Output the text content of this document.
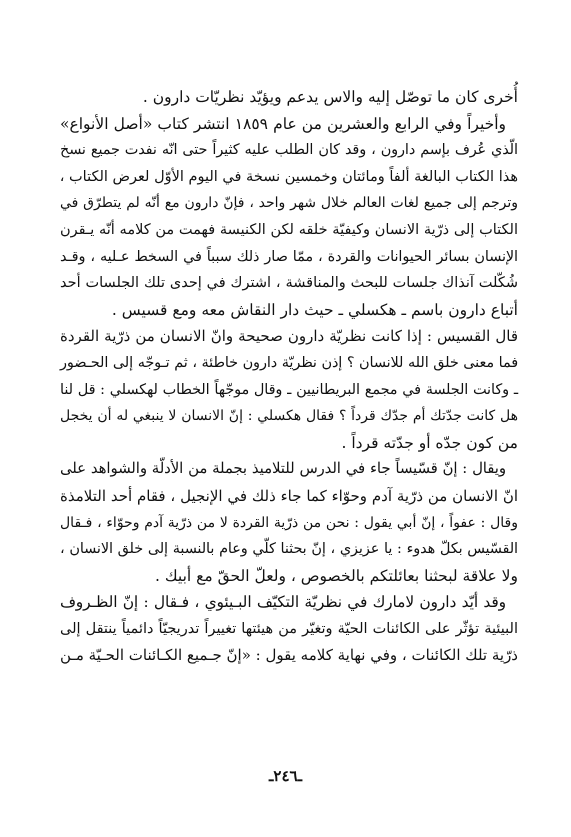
أُخرى كان ما توصّل إليه والاس يدعم ويؤيّد نظريّات دارون .
وأخيراً وفي الرابع والعشرين من عام ١٨٥٩ انتشر كتاب «أصل الأنواع»
الّذي عُرف بإسم دارون ، وقد كان الطلب عليه كثيراً حتى انّه نفدت جميع نسخ
هذا الكتاب البالغة ألفاً ومائتان وخمسين نسخة في اليوم الأوّل لعرض الكتاب ،
وترجم إلى جميع لغات العالم خلال شهر واحد ، فإنّ دارون مع أنّه لم يتطرّق في
الكتاب إلى ذرّية الانسان وكيفيّة خلقه لكن الكنيسة فهمت من كلامه أنّه يـقرن
الإنسان بسائر الحيوانات والقردة ، ممّا صار ذلك سبباً في السخط عـليه ، وقـد
شُكّلت آنذاك جلسات للبحث والمناقشة ، اشترك في إحدى تلك الجلسات أحد
أتباع دارون باسم ـ هكسلي ـ حيث دار النقاش معه ومع قسيس .
قال القسيس : إذا كانت نظريّة دارون صحيحة وانّ الانسان من ذرّية القردة
فما معنى خلق الله للانسان ؟ إذن نظريّة دارون خاطئة ، ثم تـوجّه إلى الحـضور
ـ وكانت الجلسة في مجمع البريطانيين ـ وقال موجّهاً الخطاب لهكسلي : قل لنا
هل كانت جدّتك أم جدّك قرداً ؟ فقال هكسلي : إنّ الانسان لا ينبغي له أن يخجل
من كون جدّه أو جدّته قرداً .
ويقال : إنّ قسّيساً جاء في الدرس للتلاميذ بجملة من الأدلّة والشواهد على
انّ الانسان من ذرّية آدم وحوّاء كما جاء ذلك في الإنجيل ، فقام أحد التلامذة
وقال : عفواً ، إنّ أبي يقول : نحن من ذرّية القردة لا من ذرّية آدم وحوّاء ، فـقال
القسّيس بكلّ هدوء : يا عزيزي ، إنّ بحثنا كلّي وعام بالنسبة إلى خلق الانسان ،
ولا علاقة لبحثنا بعائلتكم بالخصوص ، ولعلّ الحقّ مع أبيك .
وقد أيّد دارون لامارك في نظريّة التكيّف البـيئوي ، فـقال : إنّ الظـروف
البيئية تؤثّر على الكائنات الحيّة وتغيّر من هيئتها تغييراً تدريجيّاً دائمياً ينتقل إلى
ذرّية تلك الكائنات ، وفي نهاية كلامه يقول : «إنّ جـميع الكـائنات الحـيّة مـن
ـ٢٤٦ـ
